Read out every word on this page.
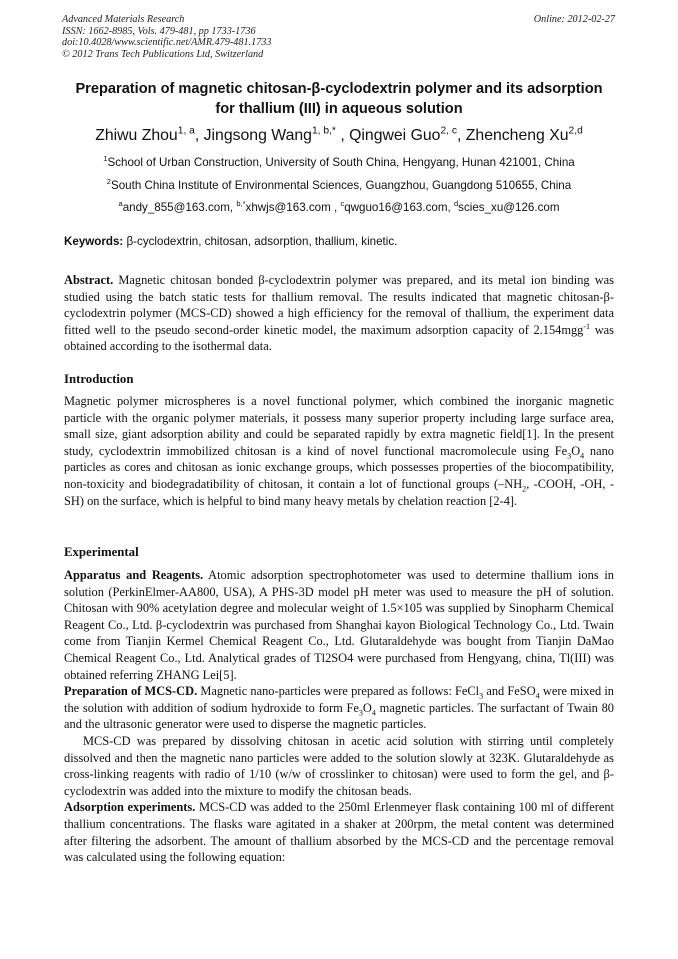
Advanced Materials Research
ISSN: 1662-8985, Vols. 479-481, pp 1733-1736
doi:10.4028/www.scientific.net/AMR.479-481.1733
© 2012 Trans Tech Publications Ltd, Switzerland
Online: 2012-02-27
Preparation of magnetic chitosan-β-cyclodextrin polymer and its adsorption for thallium (III) in aqueous solution
Zhiwu Zhou$^{1, a}$, Jingsong Wang$^{1, b,*}$ , Qingwei Guo$^{2, c}$, Zhencheng Xu$^{2,d}$
$^1$School of Urban Construction, University of South China, Hengyang, Hunan 421001, China
$^2$South China Institute of Environmental Sciences, Guangzhou, Guangdong 510655, China
$^a$andy_855@163.com, $^{b,*}$xhwjs@163.com , $^c$qwguo16@163.com, $^d$scies_xu@126.com
Keywords: β-cyclodextrin, chitosan, adsorption, thallium, kinetic.
Abstract. Magnetic chitosan bonded β-cyclodextrin polymer was prepared, and its metal ion binding was studied using the batch static tests for thallium removal. The results indicated that magnetic chitosan-β-cyclodextrin polymer (MCS-CD) showed a high efficiency for the removal of thallium, the experiment data fitted well to the pseudo second-order kinetic model, the maximum adsorption capacity of 2.154mgg$^{-1}$ was obtained according to the isothermal data.
Introduction
Magnetic polymer microspheres is a novel functional polymer, which combined the inorganic magnetic particle with the organic polymer materials, it possess many superior property including large surface area, small size, giant adsorption ability and could be separated rapidly by extra magnetic field[1]. In the present study, cyclodextrin immobilized chitosan is a kind of novel functional macromolecule using $Fe_3O_4$ nano particles as cores and chitosan as ionic exchange groups, which possesses properties of the biocompatibility, non-toxicity and biodegradatibility of chitosan, it contain a lot of functional groups ($-NH_2$, -COOH, -OH, -SH) on the surface, which is helpful to bind many heavy metals by chelation reaction [2-4].
Experimental
Apparatus and Reagents. Atomic adsorption spectrophotometer was used to determine thallium ions in solution (PerkinElmer-AA800, USA), A PHS-3D model pH meter was used to measure the pH of solution. Chitosan with 90% acetylation degree and molecular weight of 1.5×105 was supplied by Sinopharm Chemical Reagent Co., Ltd. β-cyclodextrin was purchased from Shanghai kayon Biological Technology Co., Ltd. Twain come from Tianjin Kermel Chemical Reagent Co., Ltd. Glutaraldehyde was bought from Tianjin DaMao Chemical Reagent Co., Ltd. Analytical grades of Tl2SO4 were purchased from Hengyang, china, Tl(III) was obtained referring ZHANG Lei[5].
Preparation of MCS-CD. Magnetic nano-particles were prepared as follows: FeCl$_3$ and FeSO$_4$ were mixed in the solution with addition of sodium hydroxide to form $Fe_3O_4$ magnetic particles. The surfactant of Twain 80 and the ultrasonic generator were used to disperse the magnetic particles.
MCS-CD was prepared by dissolving chitosan in acetic acid solution with stirring until completely dissolved and then the magnetic nano particles were added to the solution slowly at 323K. Glutaraldehyde as cross-linking reagents with radio of 1/10 (w/w of crosslinker to chitosan) were used to form the gel, and β-cyclodextrin was added into the mixture to modify the chitosan beads.
Adsorption experiments. MCS-CD was added to the 250ml Erlenmeyer flask containing 100 ml of different thallium concentrations. The flasks ware agitated in a shaker at 200rpm, the metal content was determined after filtering the adsorbent. The amount of thallium absorbed by the MCS-CD and the percentage removal was calculated using the following equation:
